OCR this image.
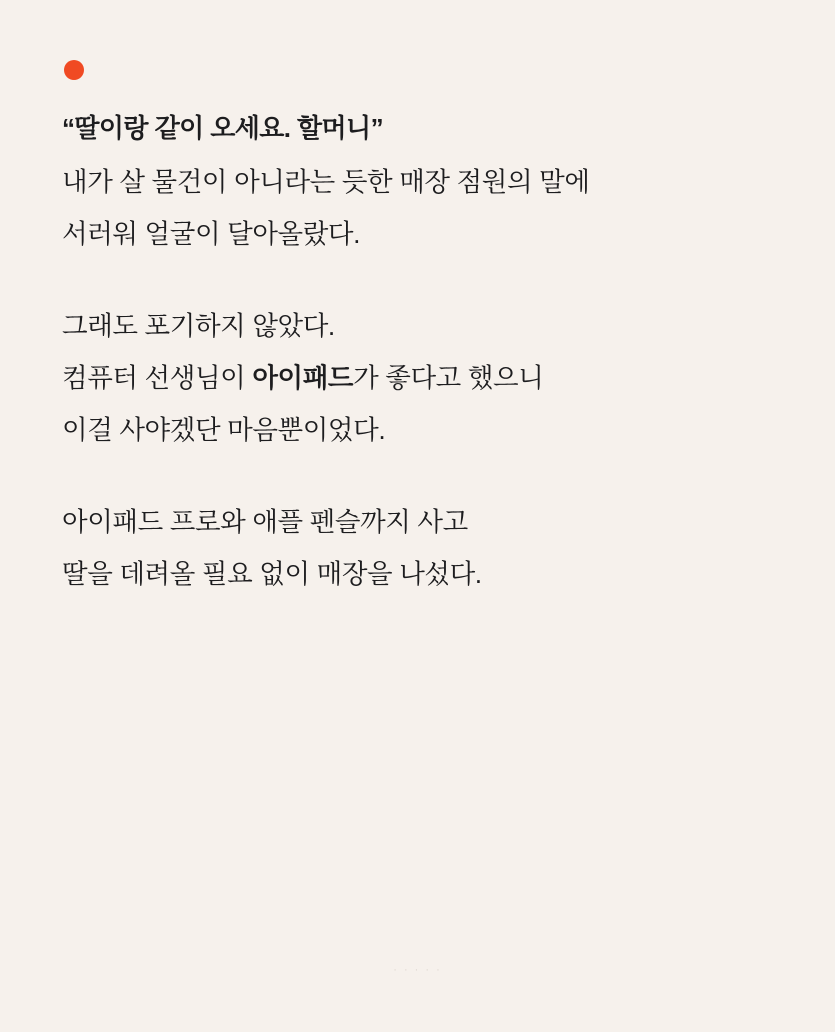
“딸이랑 같이 오세요. 할머니”
내가 살 물건이 아니라는 듯한 매장 점원의 말에
서러워 얼굴이 달아올랐다.
그래도 포기하지 않았다.
컴퓨터 선생님이 아이패드가 좋다고 했으니
이걸 사야겠단 마음뿐이었다.
아이패드 프로와 애플 펜슬까지 사고
딸을 데려올 필요 없이 매장을 나섰다.
· · · · ·
